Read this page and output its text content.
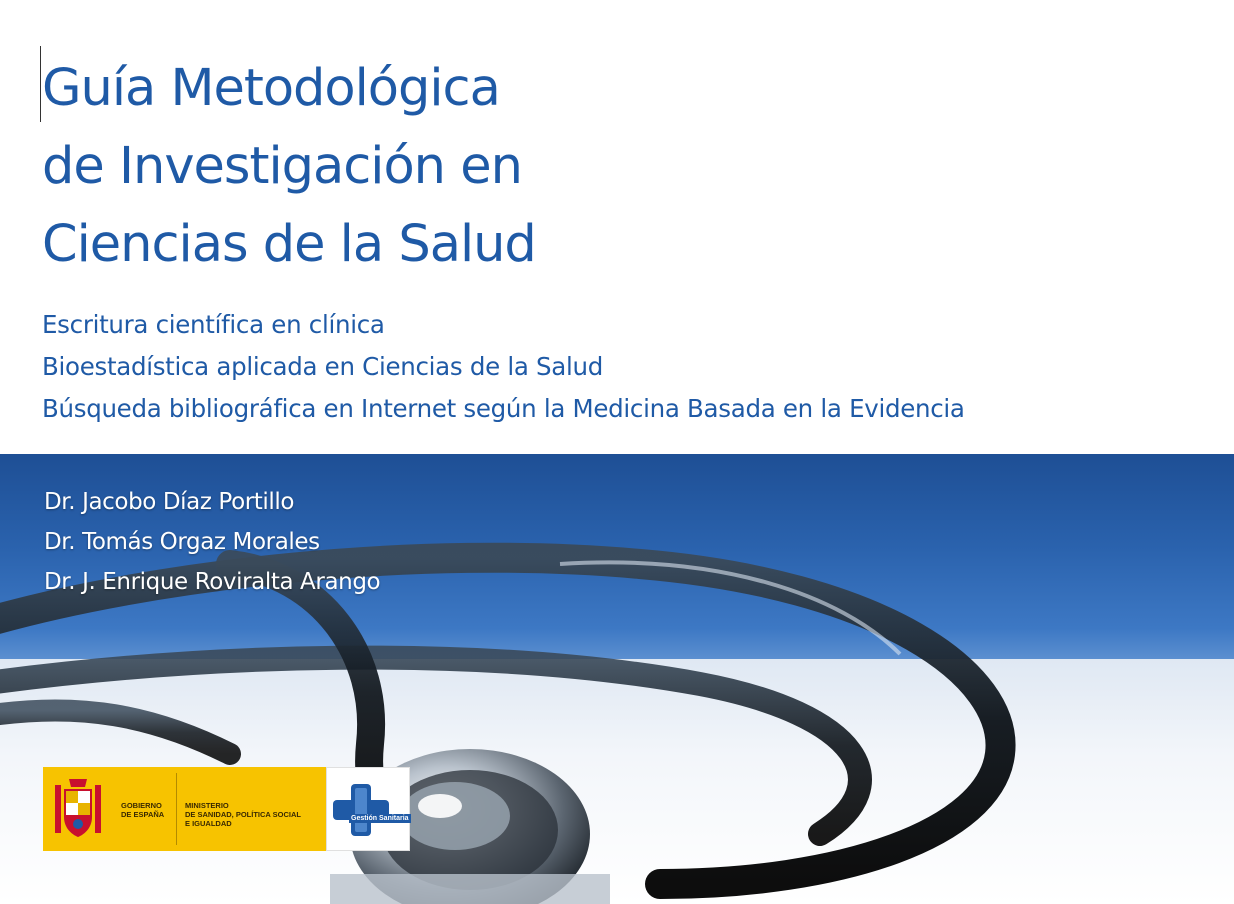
Guía Metodológica
de Investigación en
Ciencias de la Salud
Escritura científica en clínica
Bioestadística aplicada en Ciencias de la Salud
Búsqueda bibliográfica en Internet según la Medicina Basada en la Evidencia
Dr. Jacobo Díaz Portillo
Dr. Tomás Orgaz Morales
Dr. J. Enrique Roviralta Arango
GOBIERNO
DE ESPAÑA
MINISTERIO
DE SANIDAD, POLÍTICA SOCIAL
E IGUALDAD
Gestión Sanitaria
